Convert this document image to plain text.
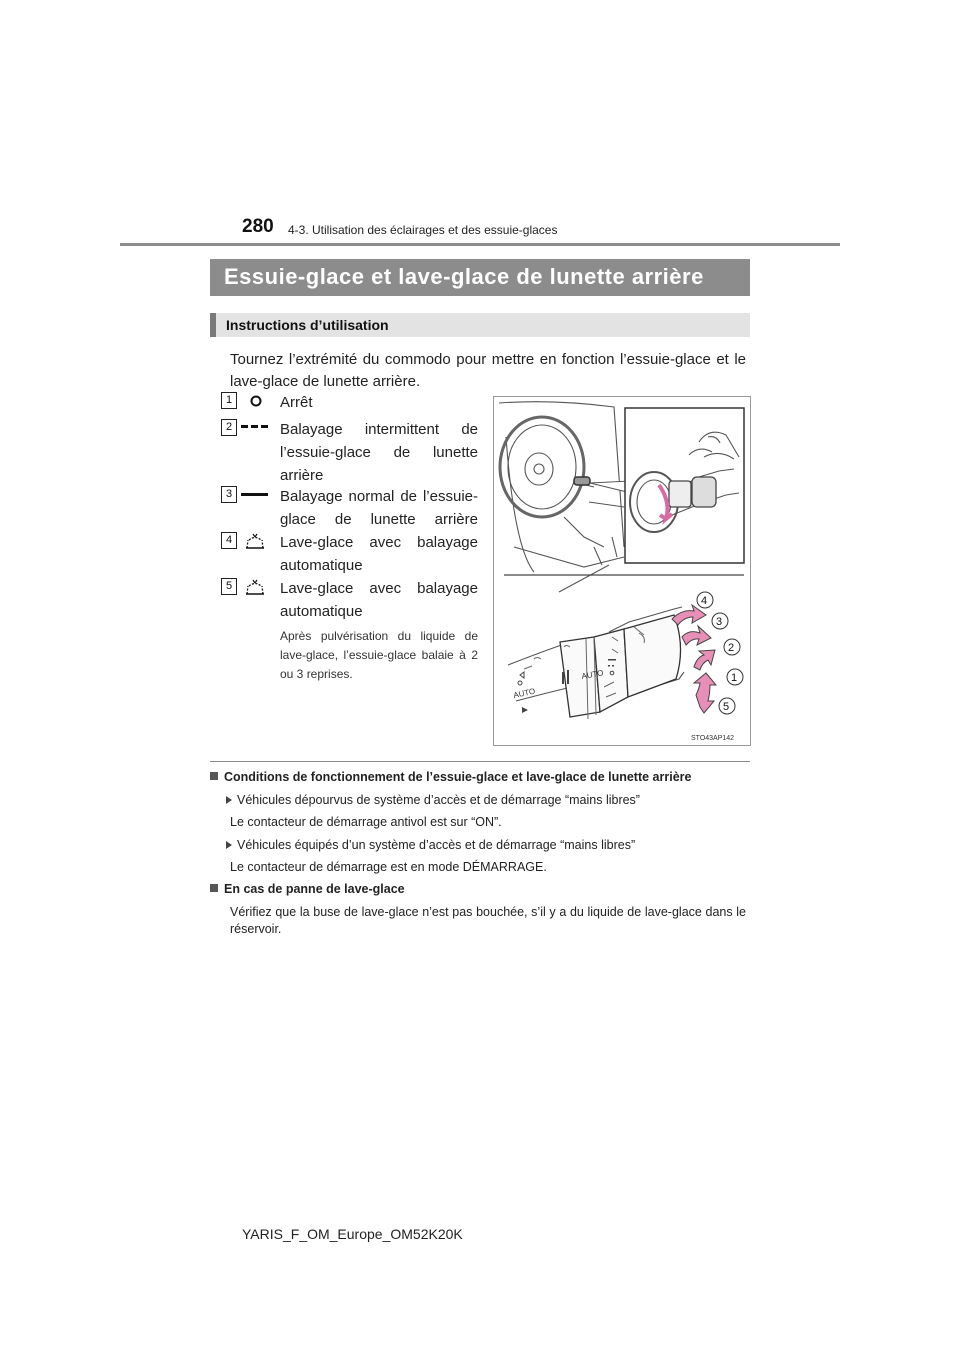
280 4-3. Utilisation des éclairages et des essuie-glaces
Essuie-glace et lave-glace de lunette arrière
Instructions d’utilisation
Tournez l’extrémité du commodo pour mettre en fonction l’essuie-glace et le lave-glace de lunette arrière.
1	Arrêt
2	Balayage intermittent de l’essuie-glace de lunette arrière
3	Balayage normal de l’essuie-glace de lunette arrière
4	Lave-glace avec balayage automatique
5	Lave-glace avec balayage automatique
Après pulvérisation du liquide de lave-glace, l’essuie-glace balaie à 2 ou 3 reprises.	AUTO
AUTO
4
3
2
1
5
STO43AP142
Conditions de fonctionnement de l’essuie-glace et lave-glace de lunette arrière
Véhicules dépourvus de système d’accès et de démarrage “mains libres”
Le contacteur de démarrage antivol est sur “ON”.
Véhicules équipés d’un système d’accès et de démarrage “mains libres”
Le contacteur de démarrage est en mode DÉMARRAGE.
En cas de panne de lave-glace
Vérifiez que la buse de lave-glace n’est pas bouchée, s’il y a du liquide de lave-glace dans le réservoir.
YARIS_F_OM_Europe_OM52K20K
